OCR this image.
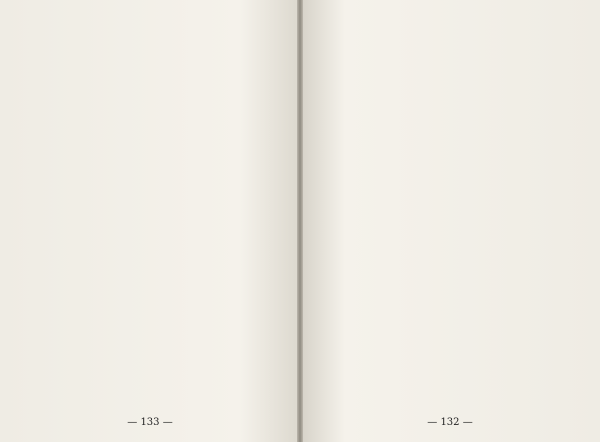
— 133 —

	— 132 —
